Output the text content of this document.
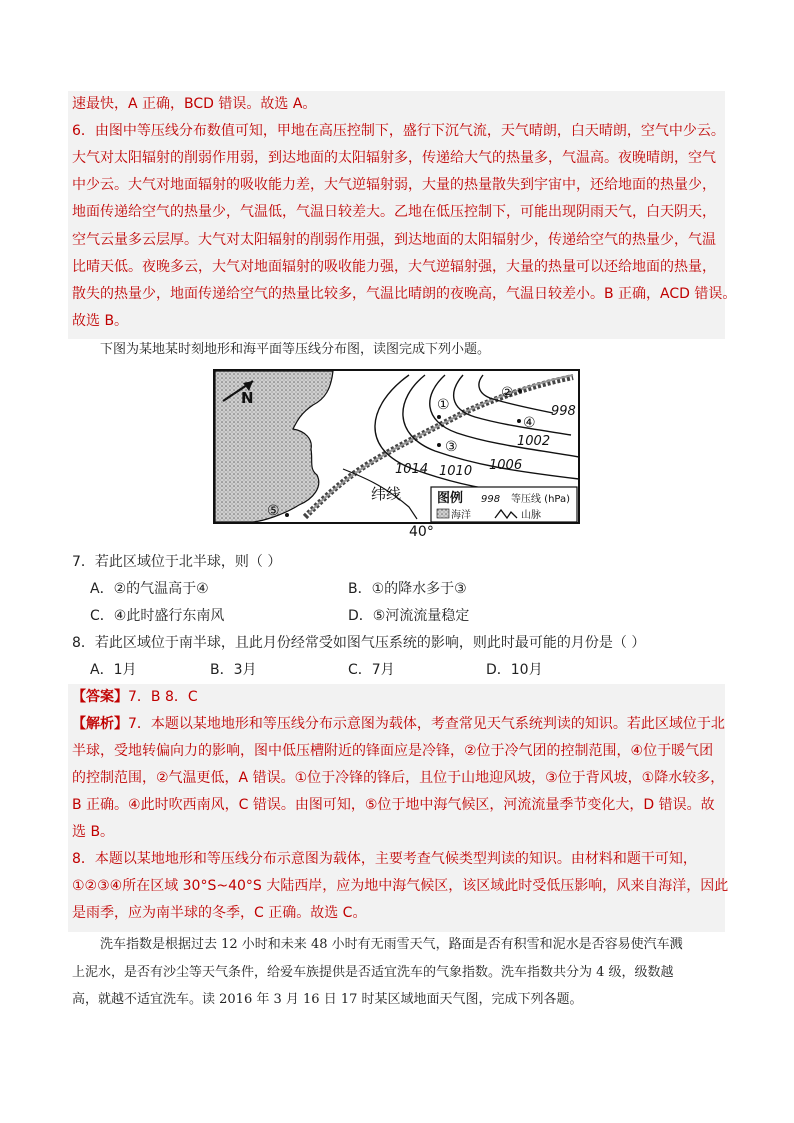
速最快，A 正确，BCD 错误。故选 A。
6．由图中等压线分布数值可知，甲地在高压控制下，盛行下沉气流，天气晴朗，白天晴朗，空气中少云。
大气对太阳辐射的削弱作用弱，到达地面的太阳辐射多，传递给大气的热量多，气温高。夜晚晴朗，空气
中少云。大气对地面辐射的吸收能力差，大气逆辐射弱，大量的热量散失到宇宙中，还给地面的热量少，
地面传递给空气的热量少，气温低，气温日较差大。乙地在低压控制下，可能出现阴雨天气，白天阴天，
空气云量多云层厚。大气对太阳辐射的削弱作用强，到达地面的太阳辐射少，传递给空气的热量少，气温
比晴天低。夜晚多云，大气对地面辐射的吸收能力强，大气逆辐射强，大量的热量可以还给地面的热量，
散失的热量少，地面传递给空气的热量比较多，气温比晴朗的夜晚高，气温日较差小。B 正确，ACD 错误。
故选 B。
下图为某地某时刻地形和海平面等压线分布图，读图完成下列小题。
N
998
1002
1006
1010
1014
①
②
③
④
⑤
纬线	图例 998 等压线 (hPa)
海洋	山脉
40°
7．若此区域位于北半球，则（ ）
A．②的气温高于④	B．①的降水多于③
C．④此时盛行东南风	D．⑤河流流量稳定
8．若此区域位于南半球，且此月份经常受如图气压系统的影响，则此时最可能的月份是（ ）
A．1月	B．3月	C．7月	D．10月
【答案】7．B 8．C
【解析】7．本题以某地地形和等压线分布示意图为载体，考查常见天气系统判读的知识。若此区域位于北
半球，受地转偏向力的影响，图中低压槽附近的锋面应是冷锋，②位于冷气团的控制范围，④位于暖气团
的控制范围，②气温更低，A 错误。①位于冷锋的锋后，且位于山地迎风坡，③位于背风坡，①降水较多，
B 正确。④此时吹西南风，C 错误。由图可知，⑤位于地中海气候区，河流流量季节变化大，D 错误。故
选 B。
8．本题以某地地形和等压线分布示意图为载体，主要考查气候类型判读的知识。由材料和题干可知，
①②③④所在区域 30°S~40°S 大陆西岸，应为地中海气候区，该区域此时受低压影响，风来自海洋，因此
是雨季，应为南半球的冬季，C 正确。故选 C。
洗车指数是根据过去 12 小时和未来 48 小时有无雨雪天气，路面是否有积雪和泥水是否容易使汽车溅
上泥水，是否有沙尘等天气条件，给爱车族提供是否适宜洗车的气象指数。洗车指数共分为 4 级，级数越
高，就越不适宜洗车。读 2016 年 3 月 16 日 17 时某区域地面天气图，完成下列各题。
